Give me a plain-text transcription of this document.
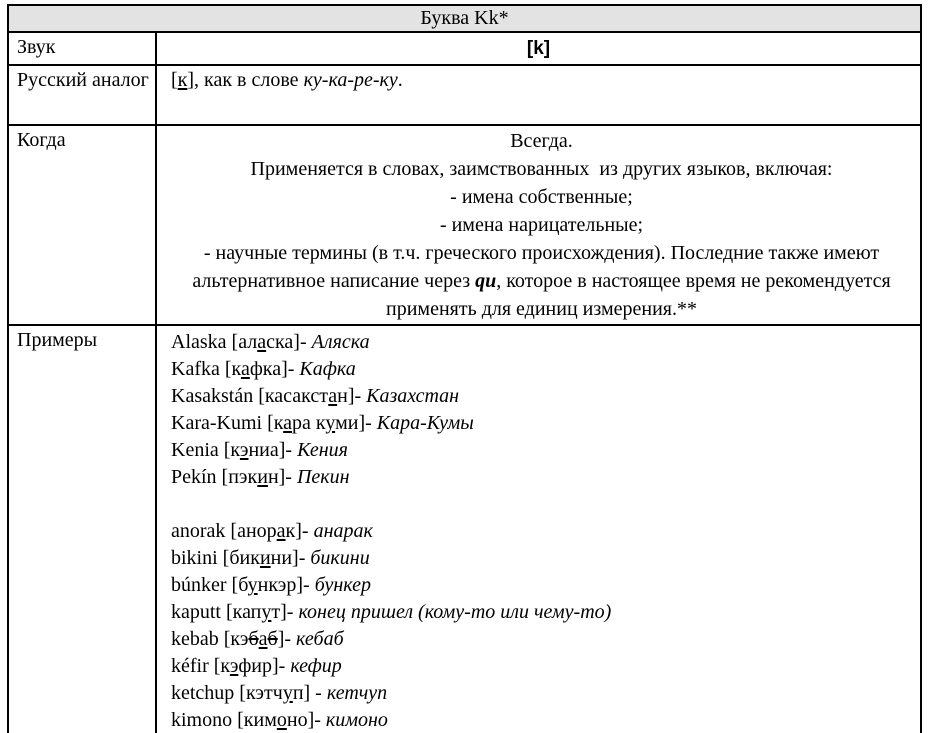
Буква Kk*	
Звук	[k]
Русский аналог	[к], как в слове ку-ка-ре-ку.
Когда	Всегда.
Применяется в словах, заимствованных  из других языков, включая:
- имена собственные;
- имена нарицательные;
- научные термины (в т.ч. греческого происхождения). Последние также имеют альтернативное написание через qu, которое в настоящее время не рекомендуется применять для единиц измерения.**

Примеры	Alaska [аласка]- Аляска
Kafka [кафка]- Кафка
Kasakstán [касакстан]- Казахстан
Kara-Kumi [кара куми]- Кара-Кумы
Kenia [кэниа]- Кения
Pekín [пэкин]- Пекин

anorak [анорак]- анарак
bikini [бикини]- бикини
búnker [бункэр]- бункер
kaputt [капут]- конец пришел (кому-то или чему-то)
kebab [кэбаб]- кебаб
kéfir [кэфир]- кефир
ketchup [кэтчуп] - кетчуп
kimono [кимоно]- кимоно
